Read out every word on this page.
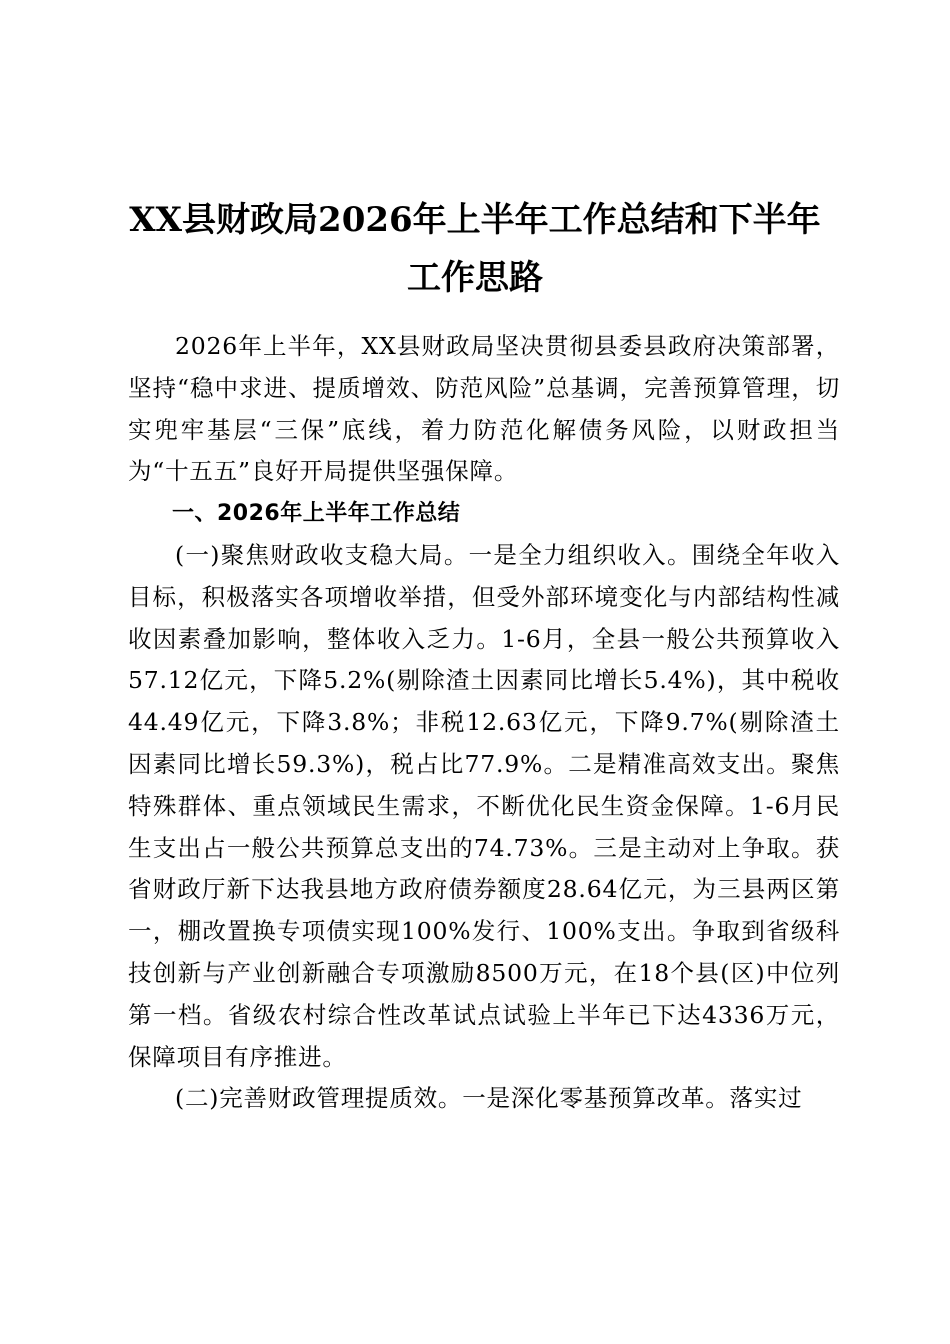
XX县财政局2026年上半年工作总结和下半年
工作思路

2026年上半年，XX县财政局坚决贯彻县委县政府决策部署，坚持“稳中求进、提质增效、防范风险”总基调，完善预算管理，切实兜牢基层“三保”底线，着力防范化解债务风险，以财政担当为“十五五”良好开局提供坚强保障。

一、2026年上半年工作总结

(一)聚焦财政收支稳大局。一是全力组织收入。围绕全年收入目标，积极落实各项增收举措，但受外部环境变化与内部结构性减收因素叠加影响，整体收入乏力。1-6月，全县一般公共预算收入57.12亿元，下降5.2%(剔除渣土因素同比增长5.4%)，其中税收44.49亿元，下降3.8%；非税12.63亿元，下降9.7%(剔除渣土因素同比增长59.3%)，税占比77.9%。二是精准高效支出。聚焦特殊群体、重点领域民生需求，不断优化民生资金保障。1-6月民生支出占一般公共预算总支出的74.73%。三是主动对上争取。获省财政厅新下达我县地方政府债券额度28.64亿元，为三县两区第一，棚改置换专项债实现100%发行、100%支出。争取到省级科技创新与产业创新融合专项激励8500万元，在18个县(区)中位列第一档。省级农村综合性改革试点试验上半年已下达4336万元，保障项目有序推进。

(二)完善财政管理提质效。一是深化零基预算改革。落实过
